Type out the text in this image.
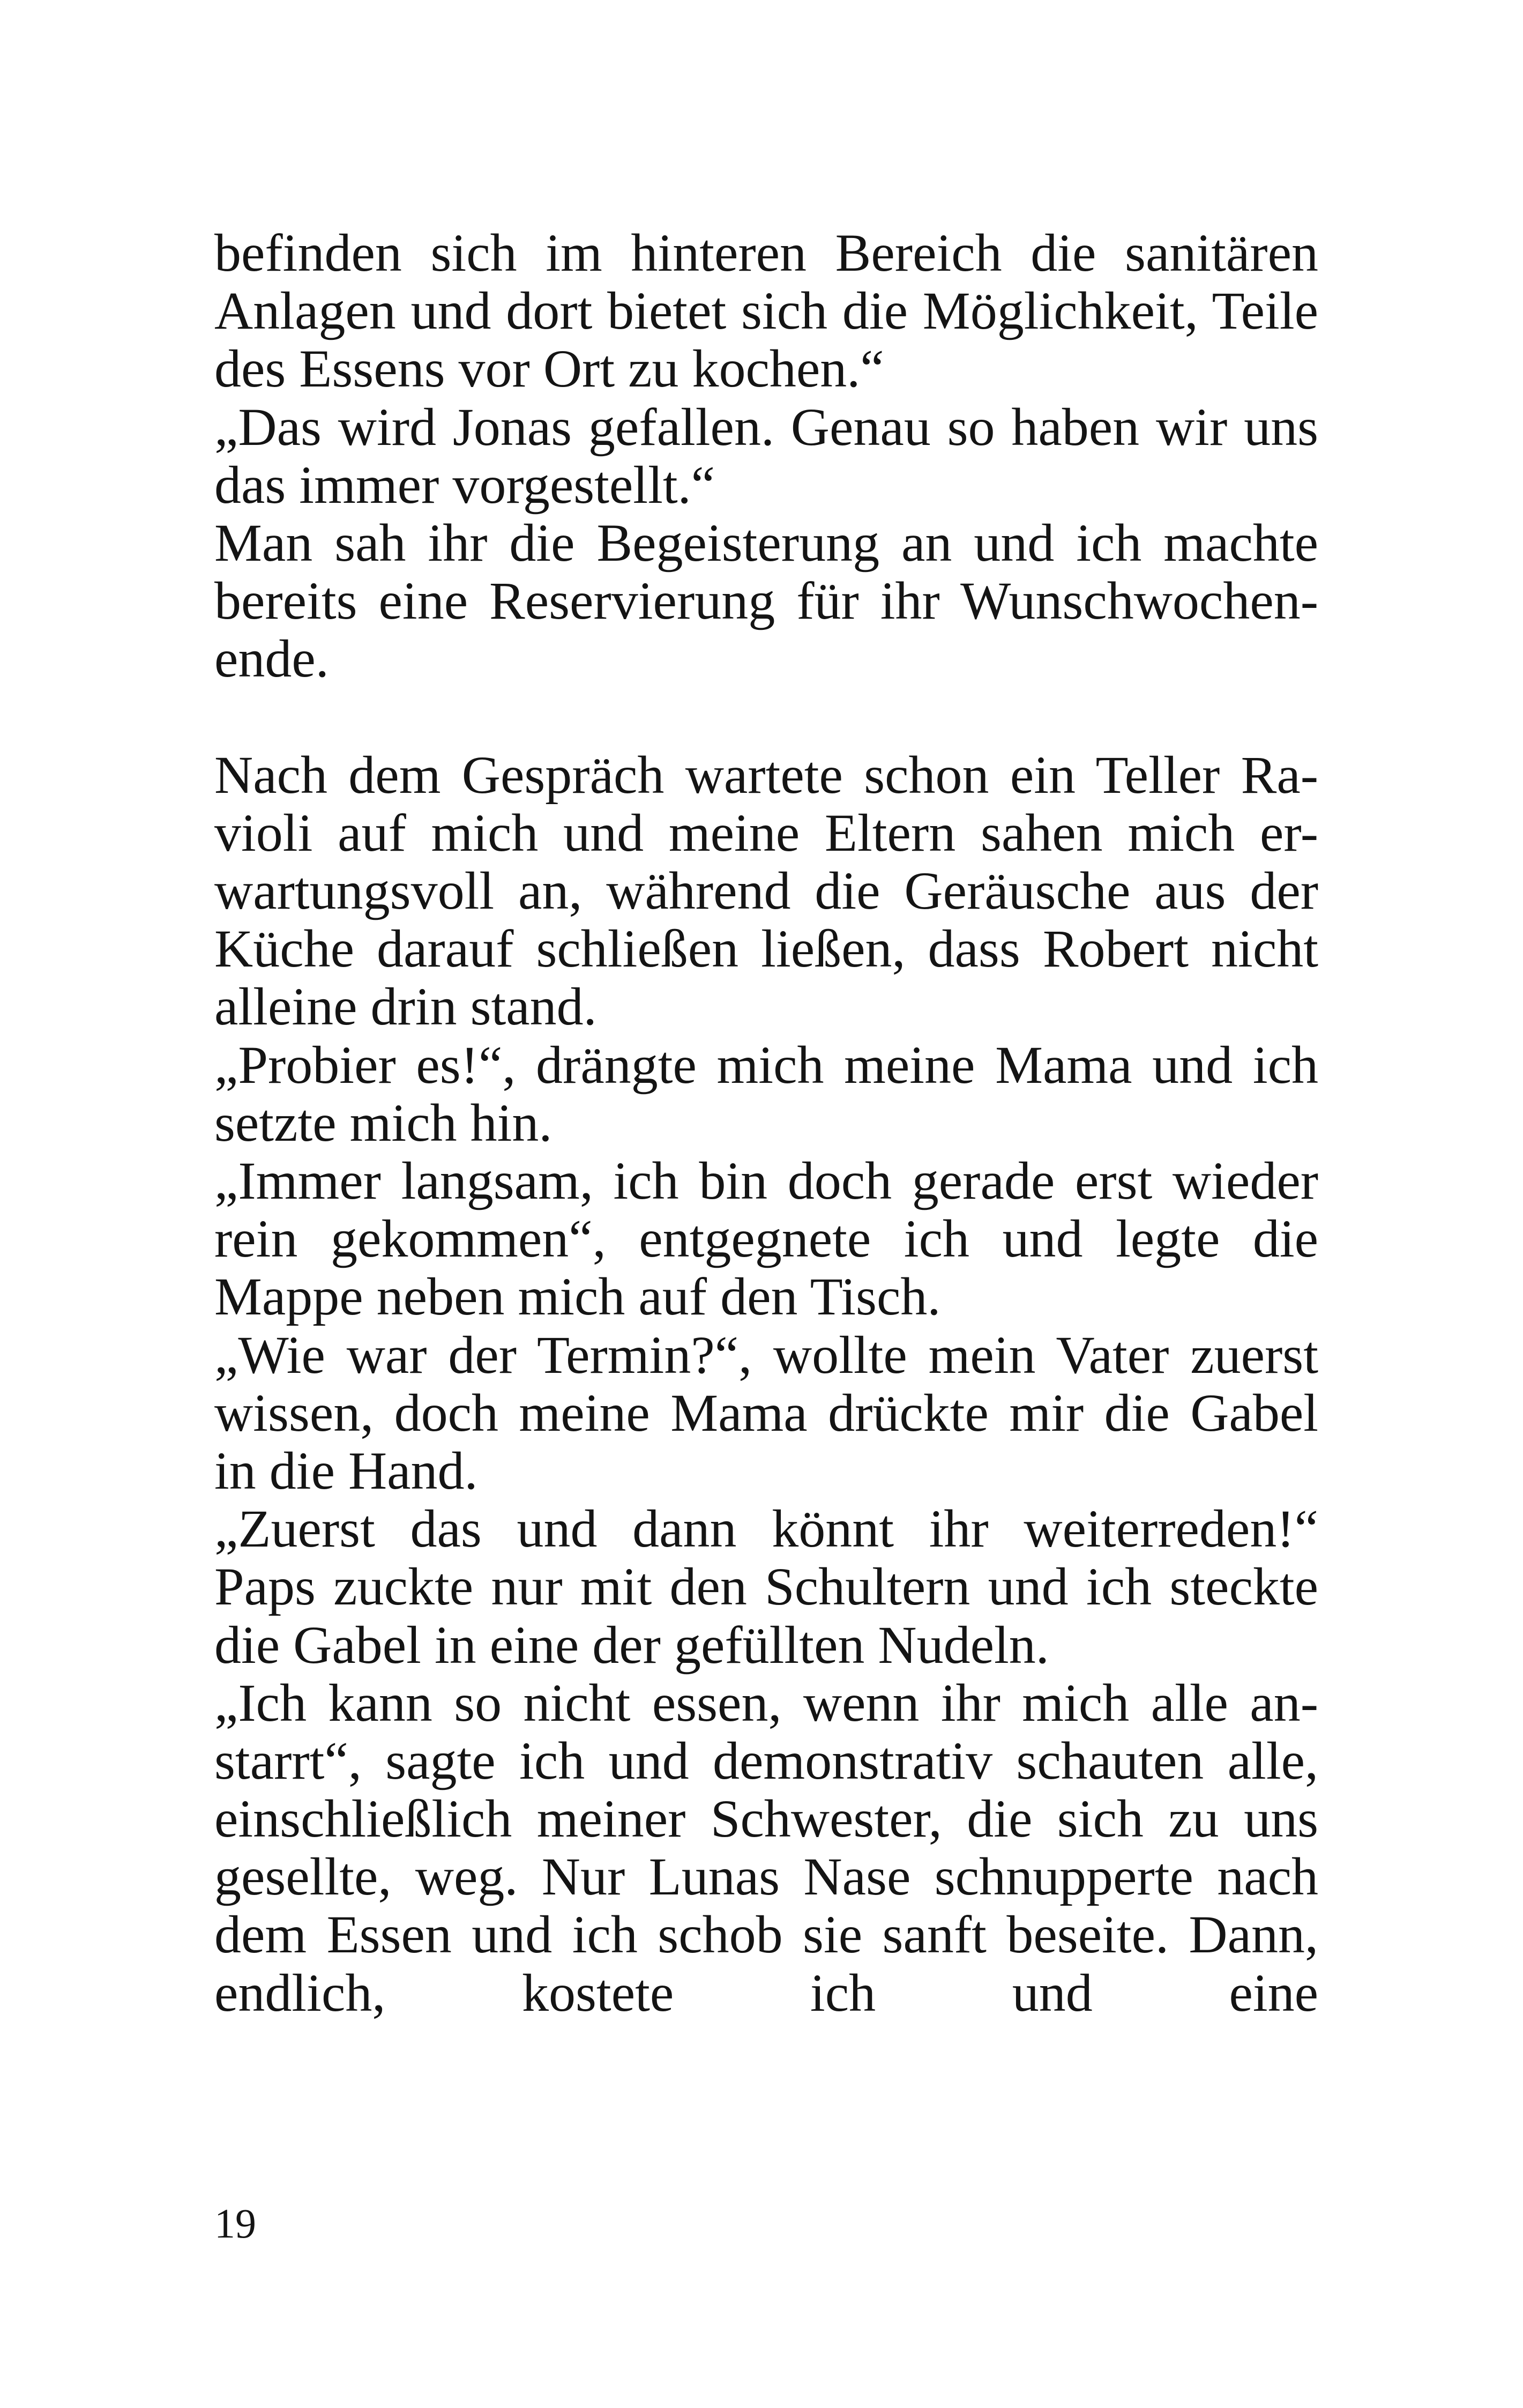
befinden sich im hinteren Bereich die sanitären
Anlagen und dort bietet sich die Möglichkeit, Teile
des Essens vor Ort zu kochen.“
„Das wird Jonas gefallen. Genau so haben wir uns
das immer vorgestellt.“
Man sah ihr die Begeisterung an und ich machte
bereits eine Reservierung für ihr Wunschwochen-
ende.
Nach dem Gespräch wartete schon ein Teller Ra-
violi auf mich und meine Eltern sahen mich er-
wartungsvoll an, während die Geräusche aus der
Küche darauf schließen ließen, dass Robert nicht
alleine drin stand.
„Probier es!“, drängte mich meine Mama und ich
setzte mich hin.
„Immer langsam, ich bin doch gerade erst wieder
rein gekommen“, entgegnete ich und legte die
Mappe neben mich auf den Tisch.
„Wie war der Termin?“, wollte mein Vater zuerst
wissen, doch meine Mama drückte mir die Gabel
in die Hand.
„Zuerst das und dann könnt ihr weiterreden!“
Paps zuckte nur mit den Schultern und ich steckte
die Gabel in eine der gefüllten Nudeln.
„Ich kann so nicht essen, wenn ihr mich alle an-
starrt“, sagte ich und demonstrativ schauten alle,
einschließlich meiner Schwester, die sich zu uns
gesellte, weg. Nur Lunas Nase schnupperte nach
dem Essen und ich schob sie sanft beseite. Dann,
endlich, kostete ich und eine
19
